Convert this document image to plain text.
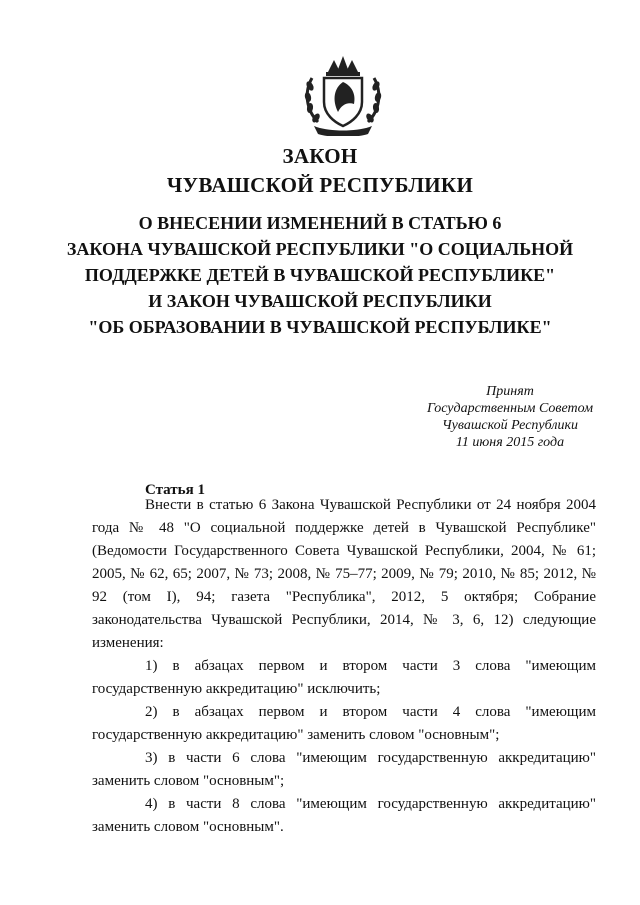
ЗАКОН
ЧУВАШСКОЙ РЕСПУБЛИКИ
О ВНЕСЕНИИ ИЗМЕНЕНИЙ В СТАТЬЮ 6
ЗАКОНА ЧУВАШСКОЙ РЕСПУБЛИКИ "О СОЦИАЛЬНОЙ
ПОДДЕРЖКЕ ДЕТЕЙ В ЧУВАШСКОЙ РЕСПУБЛИКЕ"
И ЗАКОН ЧУВАШСКОЙ РЕСПУБЛИКИ
"ОБ ОБРАЗОВАНИИ В ЧУВАШСКОЙ РЕСПУБЛИКЕ"
Принят
Государственным Советом
Чувашской Республики
11 июня 2015 года
Статья 1

Внести в статью 6 Закона Чувашской Республики от 24 ноября 2004 года № 48 "О социальной поддержке детей в Чувашской Республике" (Ведомости Государственного Совета Чувашской Республики, 2004, № 61; 2005, № 62, 65; 2007, № 73; 2008, № 75–77; 2009, № 79; 2010, № 85; 2012, № 92 (том I), 94; газета "Республика", 2012, 5 октября; Собрание законодательства Чувашской Республики, 2014, № 3, 6, 12) следующие изменения:

1) в абзацах первом и втором части 3 слова "имеющим государственную аккредитацию" исключить;

2) в абзацах первом и втором части 4 слова "имеющим государственную аккредитацию" заменить словом "основным";

3) в части 6 слова "имеющим государственную аккредитацию" заменить словом "основным";

4) в части 8 слова "имеющим государственную аккредитацию" заменить словом "основным".
